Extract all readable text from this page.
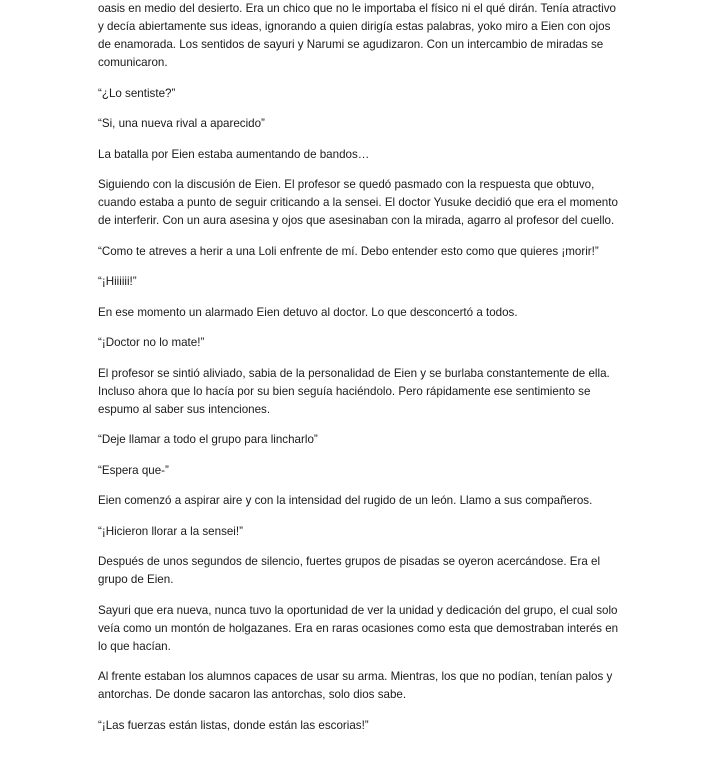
oasis en medio del desierto. Era un chico que no le importaba el físico ni el qué dirán. Tenía atractivo y decía abiertamente sus ideas, ignorando a quien dirigía estas palabras, yoko miro a Eien con ojos de enamorada. Los sentidos de sayuri y Narumi se agudizaron. Con un intercambio de miradas se comunicaron.

“¿Lo sentiste?”

“Si, una nueva rival a aparecido”

La batalla por Eien estaba aumentando de bandos…

Siguiendo con la discusión de Eien. El profesor se quedó pasmado con la respuesta que obtuvo, cuando estaba a punto de seguir criticando a la sensei. El doctor Yusuke decidió que era el momento de interferir. Con un aura asesina y ojos que asesinaban con la mirada, agarro al profesor del cuello.

“Como te atreves a herir a una Loli enfrente de mí. Debo entender esto como que quieres ¡morir!”

“¡Hiiiiii!”

En ese momento un alarmado Eien detuvo al doctor. Lo que desconcertó a todos.

“¡Doctor no lo mate!”

El profesor se sintió aliviado, sabia de la personalidad de Eien y se burlaba constantemente de ella. Incluso ahora que lo hacía por su bien seguía haciéndolo. Pero rápidamente ese sentimiento se espumo al saber sus intenciones.

“Deje llamar a todo el grupo para lincharlo”

“Espera que-”

Eien comenzó a aspirar aire y con la intensidad del rugido de un león. Llamo a sus compañeros.

“¡Hicieron llorar a la sensei!”

Después de unos segundos de silencio, fuertes grupos de pisadas se oyeron acercándose. Era el grupo de Eien.

Sayuri que era nueva, nunca tuvo la oportunidad de ver la unidad y dedicación del grupo, el cual solo veía como un montón de holgazanes. Era en raras ocasiones como esta que demostraban interés en lo que hacían.

Al frente estaban los alumnos capaces de usar su arma. Mientras, los que no podían, tenían palos y antorchas. De donde sacaron las antorchas, solo dios sabe.

“¡Las fuerzas están listas, donde están las escorias!”
